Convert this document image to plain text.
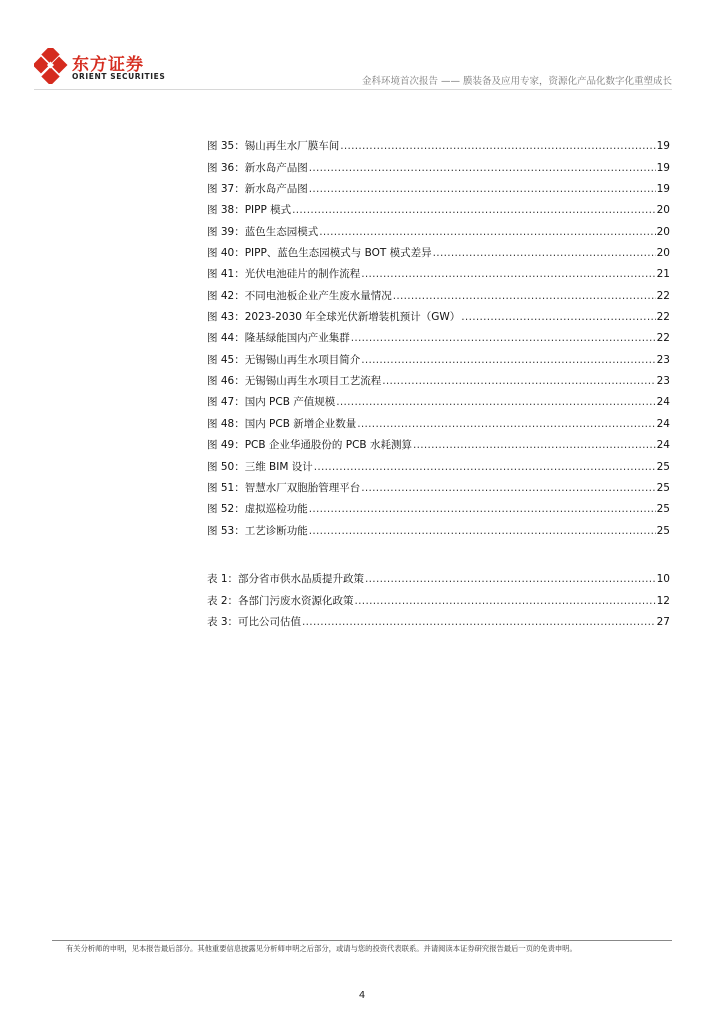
东方证券
ORIENT SECURITIES	金科环境首次报告 —— 膜装备及应用专家，资源化产品化数字化重塑成长
图 35：锡山再生水厂膜车间 .....	19
图 36：新水岛产品图 .....	19
图 37：新水岛产品图 .....	19
图 38：PIPP 模式 .....	20
图 39：蓝色生态园模式 .....	20
图 40：PIPP、蓝色生态园模式与 BOT 模式差异 .....	20
图 41：光伏电池硅片的制作流程 .....	21
图 42：不同电池板企业产生废水量情况 .....	22
图 43：2023-2030 年全球光伏新增装机预计（GW） .....	22
图 44：隆基绿能国内产业集群 .....	22
图 45：无锡锡山再生水项目简介 .....	23
图 46：无锡锡山再生水项目工艺流程 .....	23
图 47：国内 PCB 产值规模 .....	24
图 48：国内 PCB 新增企业数量 .....	24
图 49：PCB 企业华通股份的 PCB 水耗测算 .....	24
图 50：三维 BIM 设计 .....	25
图 51：智慧水厂双胞胎管理平台 .....	25
图 52：虚拟巡检功能 .....	25
图 53：工艺诊断功能 .....	25
表 1：部分省市供水品质提升政策 .....	10
表 2：各部门污废水资源化政策 .....	12
表 3：可比公司估值 .....	27
有关分析师的申明，见本报告最后部分。其他重要信息披露见分析师申明之后部分，或请与您的投资代表联系。并请阅读本证券研究报告最后一页的免责申明。
4
